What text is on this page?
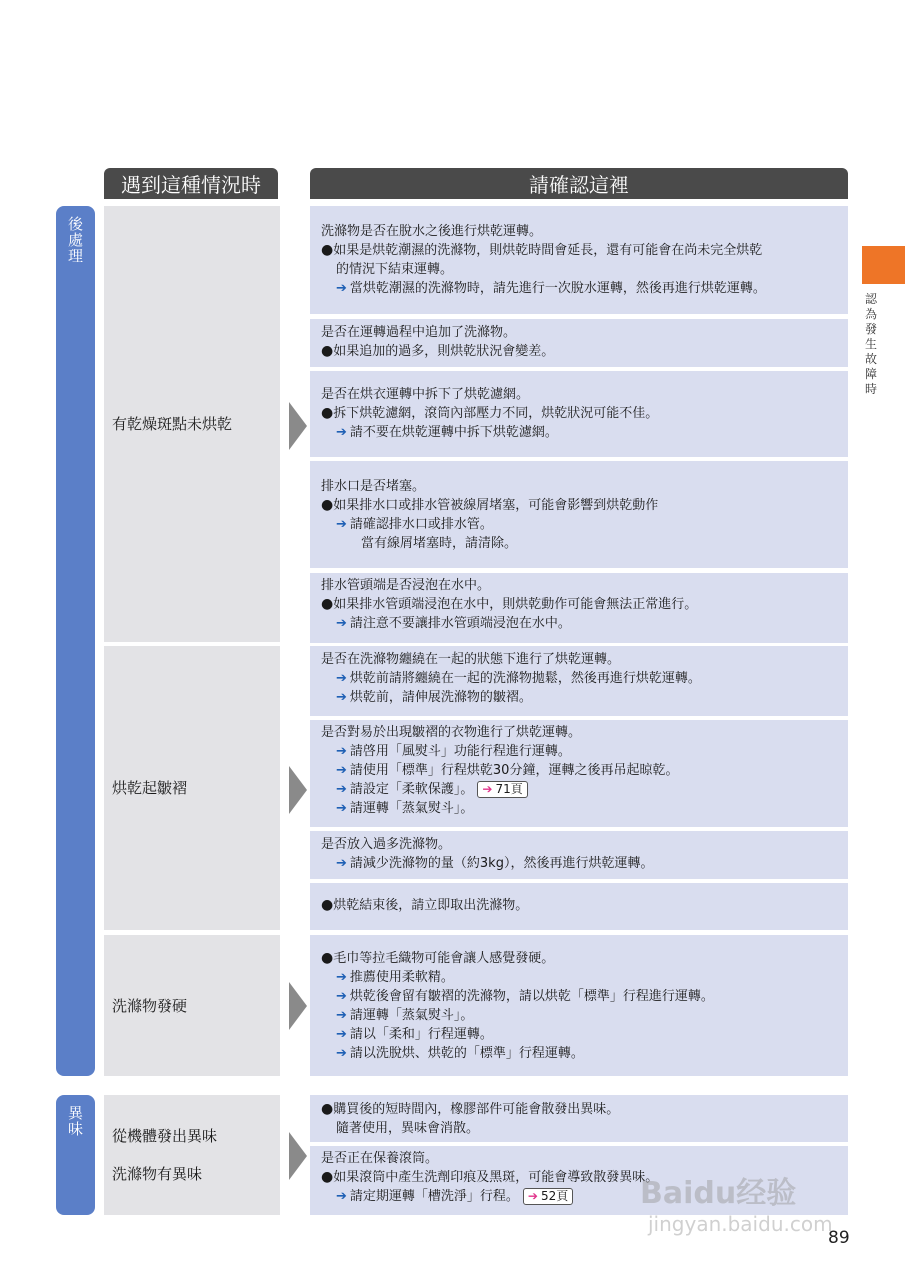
遇到這種情況時	請確認這裡
後
處
理
異
味
有乾燥斑點未烘乾
烘乾起皺褶
洗滌物發硬
從機體發出異味
洗滌物有異味
洗滌物是否在脫水之後進行烘乾運轉。
●如果是烘乾潮濕的洗滌物，則烘乾時間會延長，還有可能會在尚未完全烘乾
的情況下結束運轉。
➔ 當烘乾潮濕的洗滌物時，請先進行一次脫水運轉，然後再進行烘乾運轉。
是否在運轉過程中追加了洗滌物。
●如果追加的過多，則烘乾狀況會變差。
是否在烘衣運轉中拆下了烘乾濾網。
●拆下烘乾濾網，滾筒內部壓力不同，烘乾狀況可能不佳。
➔ 請不要在烘乾運轉中拆下烘乾濾網。
排水口是否堵塞。
●如果排水口或排水管被線屑堵塞，可能會影響到烘乾動作
➔ 請確認排水口或排水管。
當有線屑堵塞時，請清除。
排水管頭端是否浸泡在水中。
●如果排水管頭端浸泡在水中，則烘乾動作可能會無法正常進行。
➔ 請注意不要讓排水管頭端浸泡在水中。
是否在洗滌物纏繞在一起的狀態下進行了烘乾運轉。
➔ 烘乾前請將纏繞在一起的洗滌物拋鬆，然後再進行烘乾運轉。
➔ 烘乾前，請伸展洗滌物的皺褶。
是否對易於出現皺褶的衣物進行了烘乾運轉。
➔ 請啓用「風熨斗」功能行程進行運轉。
➔ 請使用「標準」行程烘乾30分鐘，運轉之後再吊起晾乾。
➔ 請設定「柔軟保護」。 ➔ 71頁
➔ 請運轉「蒸氣熨斗」。
是否放入過多洗滌物。
➔ 請減少洗滌物的量（約3kg），然後再進行烘乾運轉。
●烘乾結束後，請立即取出洗滌物。
●毛巾等拉毛織物可能會讓人感覺發硬。
➔ 推薦使用柔軟精。
➔ 烘乾後會留有皺褶的洗滌物，請以烘乾「標準」行程進行運轉。
➔ 請運轉「蒸氣熨斗」。
➔ 請以「柔和」行程運轉。
➔ 請以洗脫烘、烘乾的「標準」行程運轉。
●購買後的短時間內，橡膠部件可能會散發出異味。
隨著使用，異味會消散。
是否正在保養滾筒。
●如果滾筒中產生洗劑印痕及黑斑，可能會導致散發異味。
➔ 請定期運轉「槽洗淨」行程。 ➔ 52頁
認
為
發
生
故
障
時
89
Baidu经验
jingyan.baidu.com
